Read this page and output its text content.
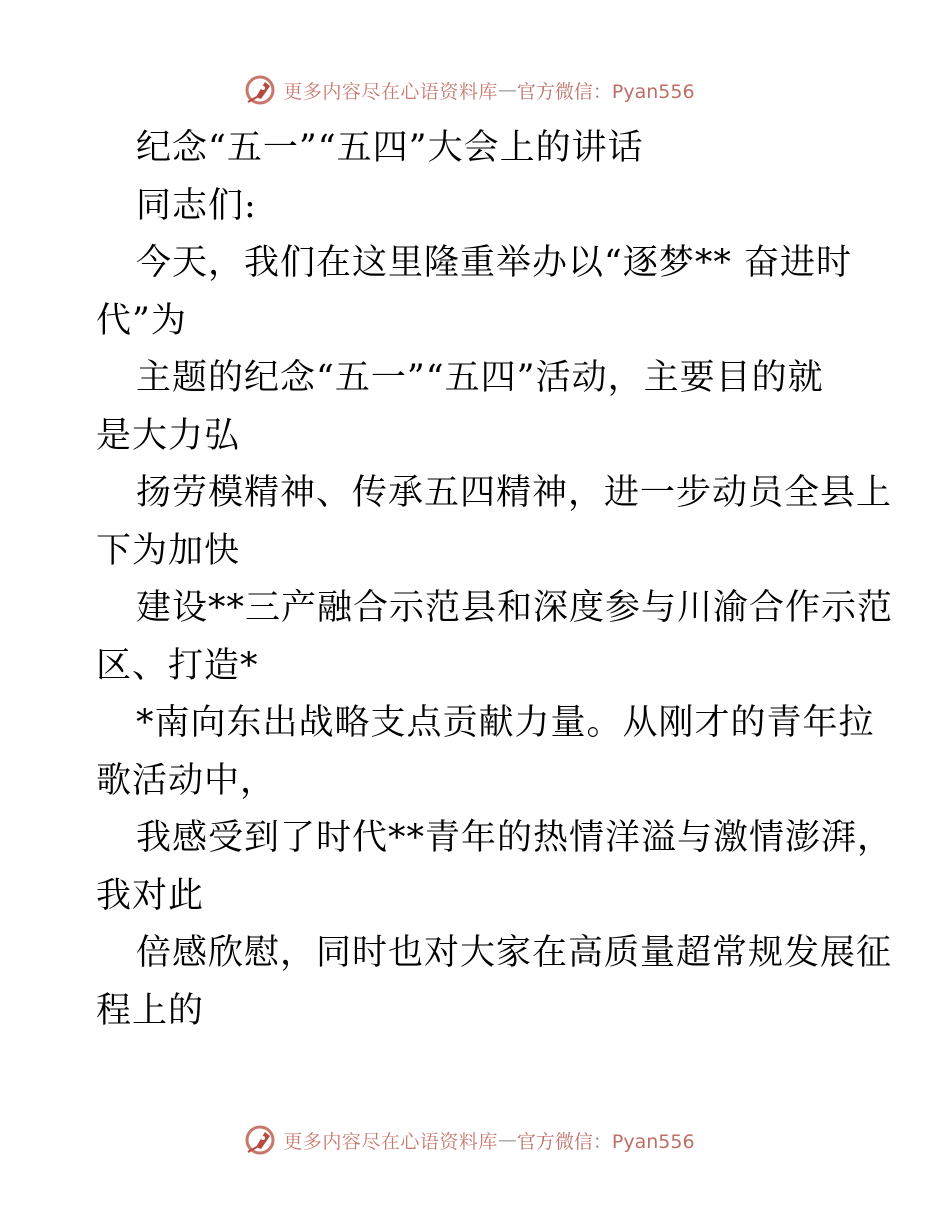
更多内容尽在心语资料库 — 官方微信：Pyan556
纪念“五一”“五四”大会上的讲话
同志们:
今天，我们在这里隆重举办以“逐梦** 奋进时
代”为
主题的纪念“五一”“五四”活动，主要目的就
是大力弘
扬劳模精神、传承五四精神，进一步动员全县上
下为加快
建设**三产融合示范县和深度参与川渝合作示范
区、打造*
*南向东出战略支点贡献力量。从刚才的青年拉
歌活动中，
我感受到了时代**青年的热情洋溢与激情澎湃，
我对此
倍感欣慰，同时也对大家在高质量超常规发展征
程上的
更多内容尽在心语资料库 — 官方微信：Pyan556
